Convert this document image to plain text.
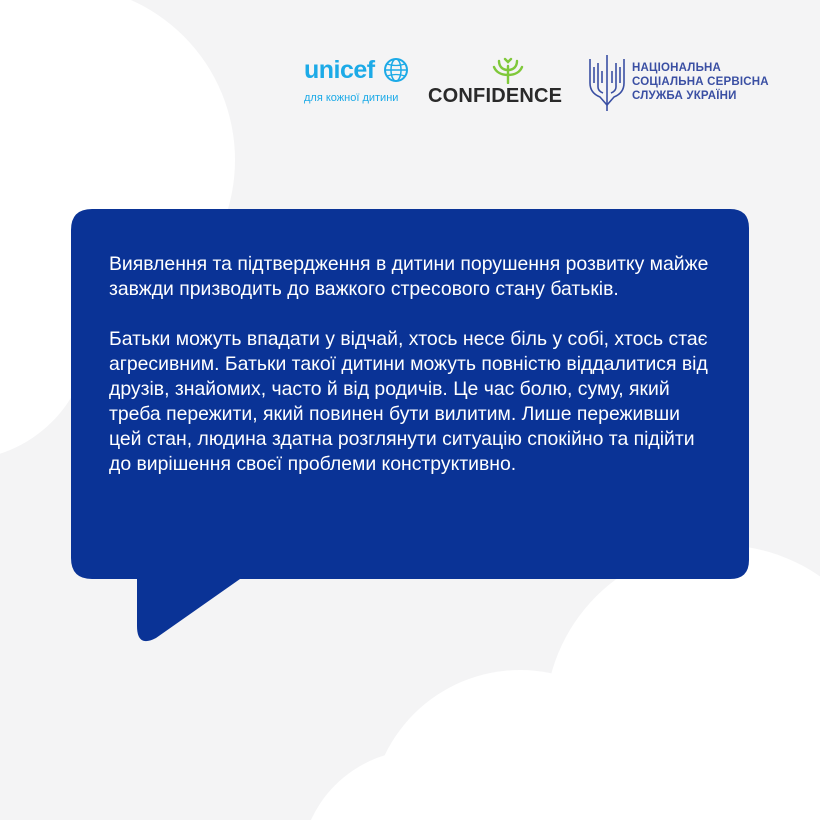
unicef
для кожної дитини	CONFIDENCE
НАЦІОНАЛЬНА
СОЦІАЛЬНА СЕРВІСНА
СЛУЖБА УКРАЇНИ

Виявлення та підтвердження в дитини порушення розвитку майже завжди призводить до важкого стресового стану батьків.

Батьки можуть впадати у відчай, хтось несе біль у собі, хтось стає агресивним. Батьки такої дитини можуть повністю віддалитися від друзів, знайомих, часто й від родичів. Це час болю, суму, який треба пережити, який повинен бути вилитим. Лише переживши цей стан, людина здатна розглянути ситуацію спокійно та підійти до вирішення своєї проблеми конструктивно.
